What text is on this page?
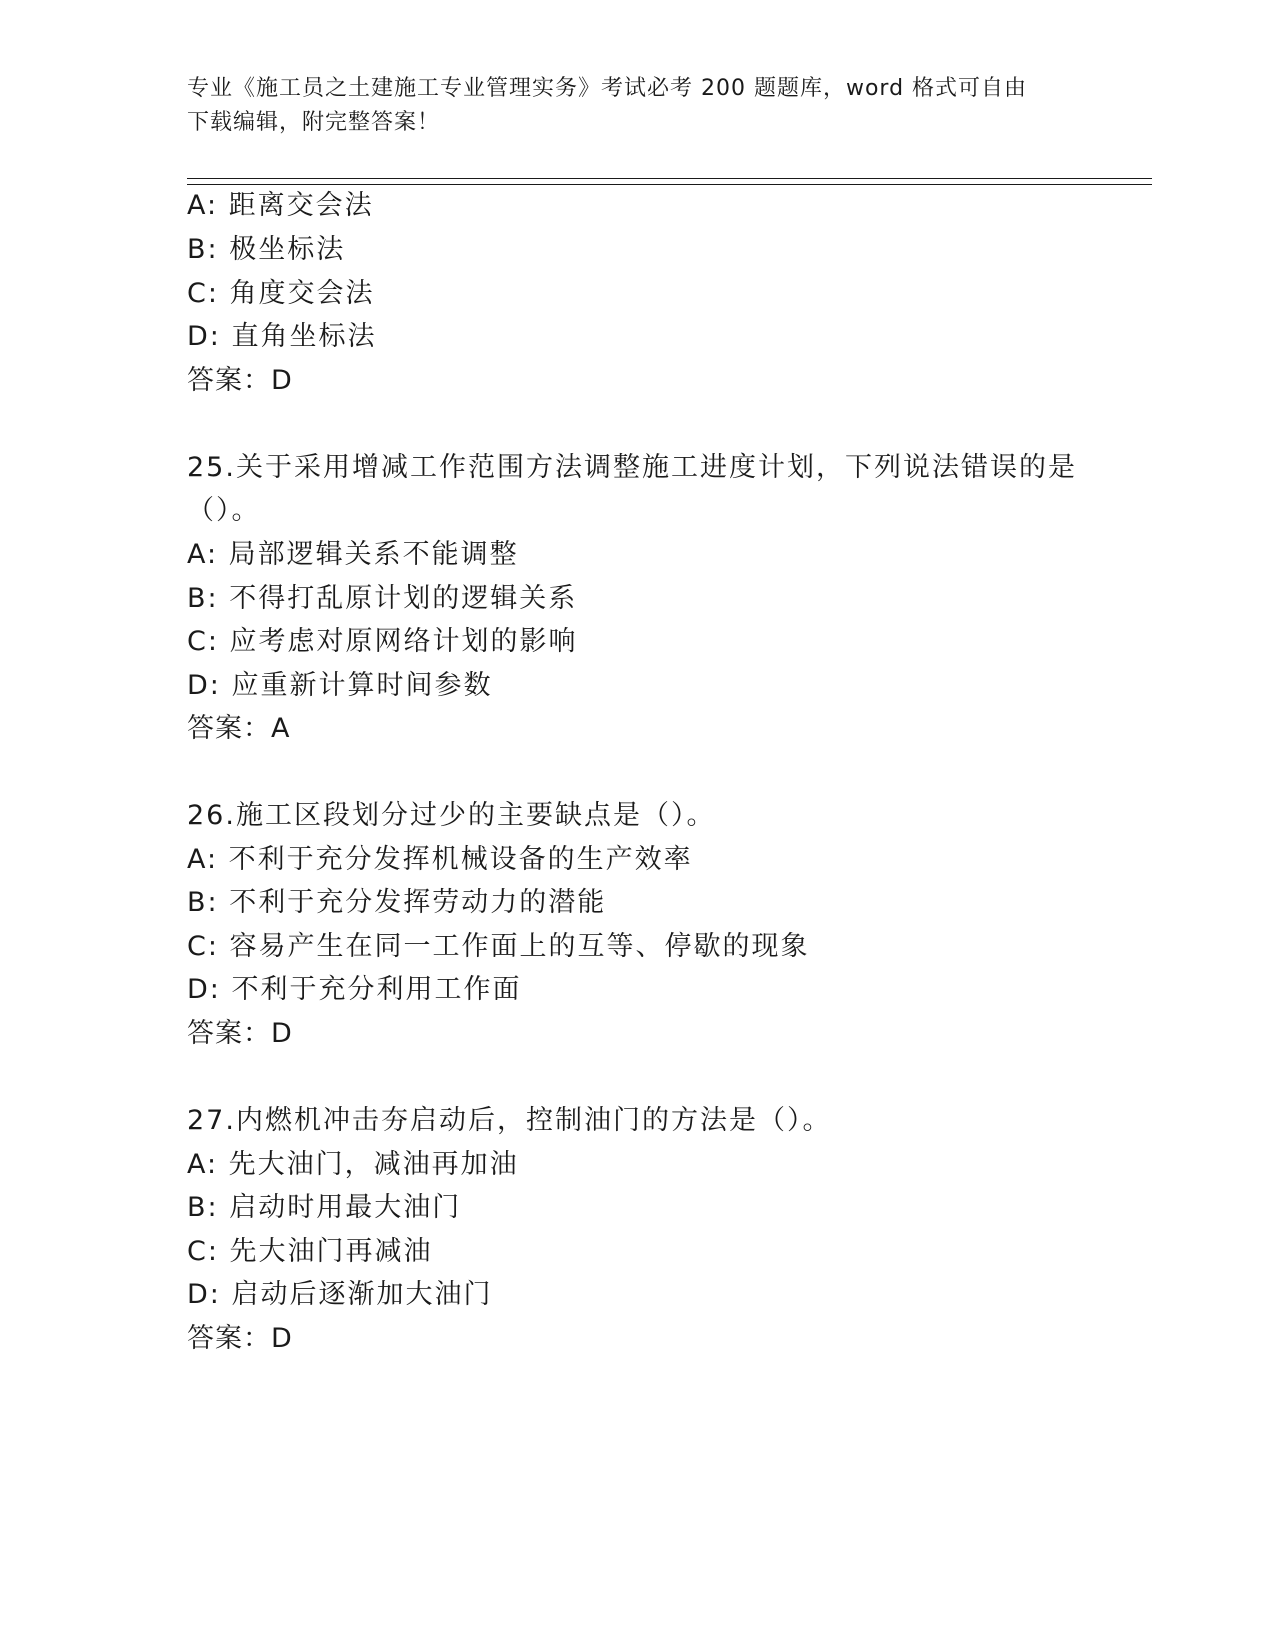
专业《施工员之土建施工专业管理实务》考试必考 200 题题库，word 格式可自由
下载编辑，附完整答案！
A: 距离交会法
B: 极坐标法
C: 角度交会法
D: 直角坐标法
答案：D
25.关于采用增减工作范围方法调整施工进度计划，下列说法错误的是
（）。
A: 局部逻辑关系不能调整
B: 不得打乱原计划的逻辑关系
C: 应考虑对原网络计划的影响
D: 应重新计算时间参数
答案：A
26.施工区段划分过少的主要缺点是（）。
A: 不利于充分发挥机械设备的生产效率
B: 不利于充分发挥劳动力的潜能
C: 容易产生在同一工作面上的互等、停歇的现象
D: 不利于充分利用工作面
答案：D
27.内燃机冲击夯启动后，控制油门的方法是（）。
A: 先大油门，减油再加油
B: 启动时用最大油门
C: 先大油门再减油
D: 启动后逐渐加大油门
答案：D
